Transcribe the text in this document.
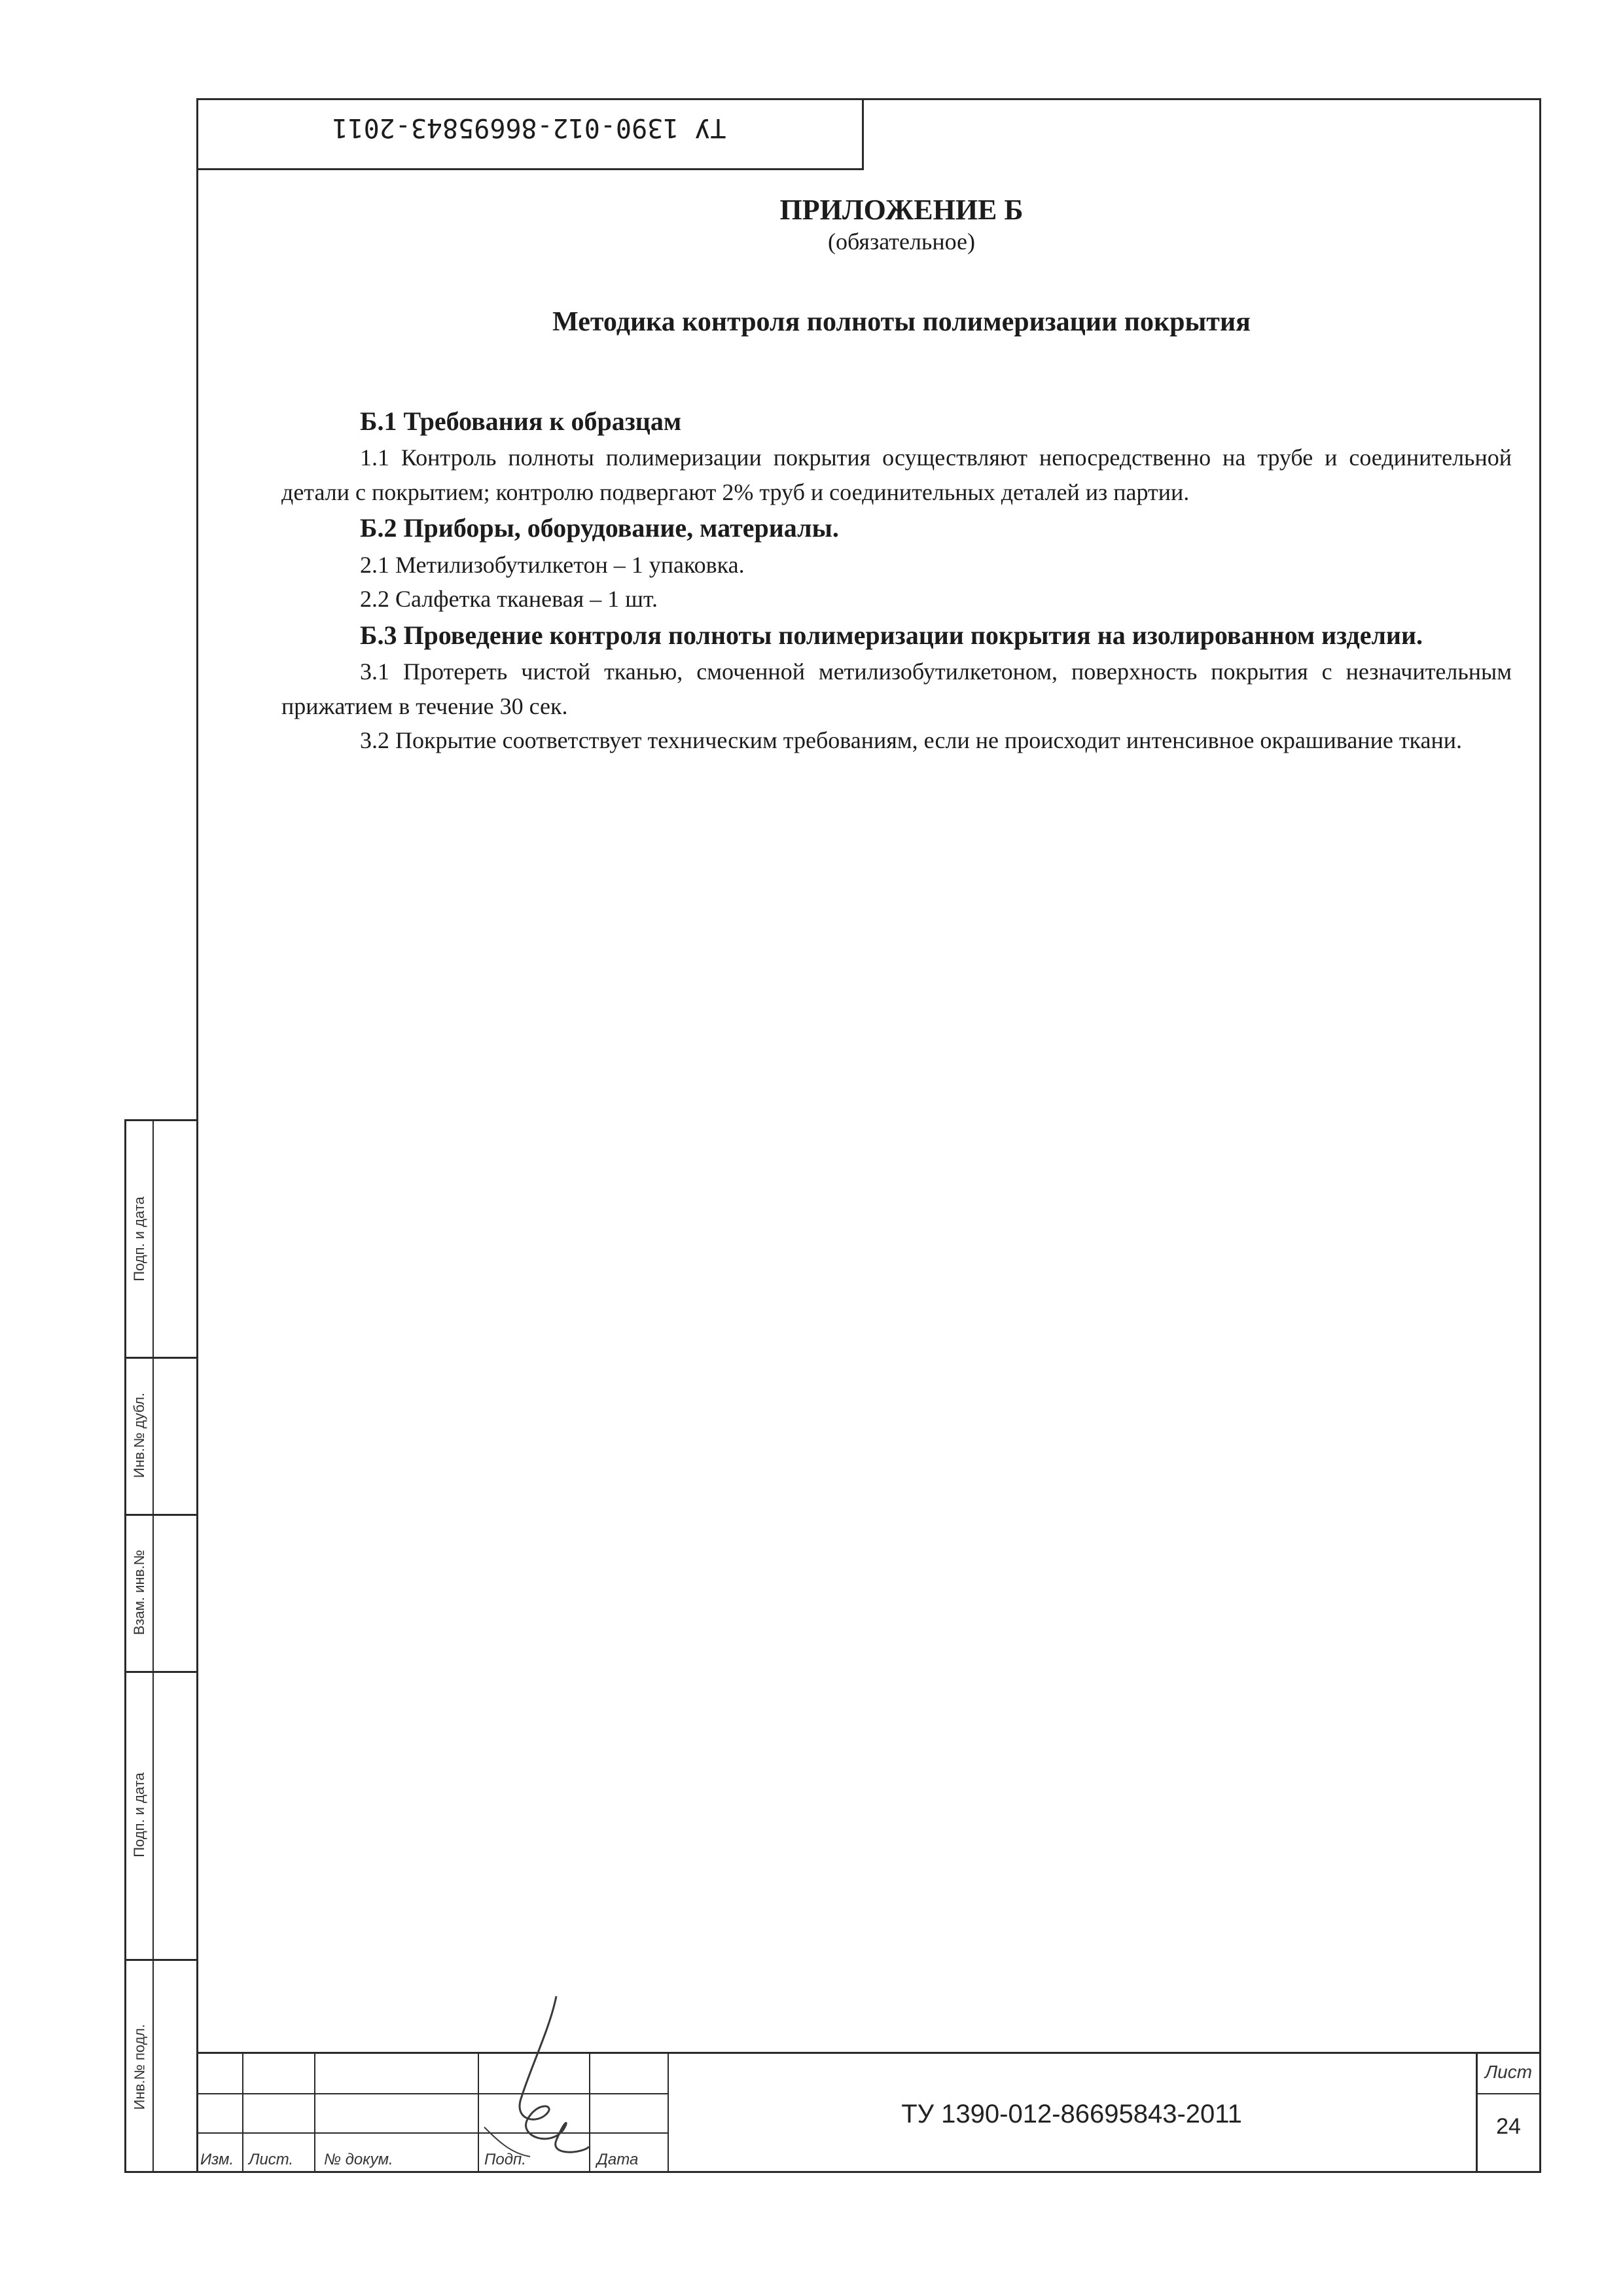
ТУ 1390-012-86695843-2011
ПРИЛОЖЕНИЕ Б
(обязательное)
Методика контроля полноты полимеризации покрытия

Б.1 Требования к образцам

1.1 Контроль полноты полимеризации покрытия осуществляют непосредственно на трубе и соединительной детали с покрытием; контролю подвергают 2% труб и соединительных деталей из партии.

Б.2 Приборы, оборудование, материалы.

2.1 Метилизобутилкетон – 1 упаковка.

2.2 Салфетка тканевая – 1 шт.

Б.3 Проведение контроля полноты полимеризации покрытия на изолированном изделии.

3.1 Протереть чистой тканью, смоченной метилизобутилкетоном, поверхность покрытия с незначительным прижатием в течение 30 сек.

3.2 Покрытие соответствует техническим требованиям, если не происходит интенсивное окрашивание ткани.

Подп. и дата
Инв.№ дубл.
Взам. инв.№
Подп. и дата
Инв.№ подл.
Изм. Лист. № докум.	Подп.	Дата
ТУ 1390-012-86695843-2011
Лист
24
